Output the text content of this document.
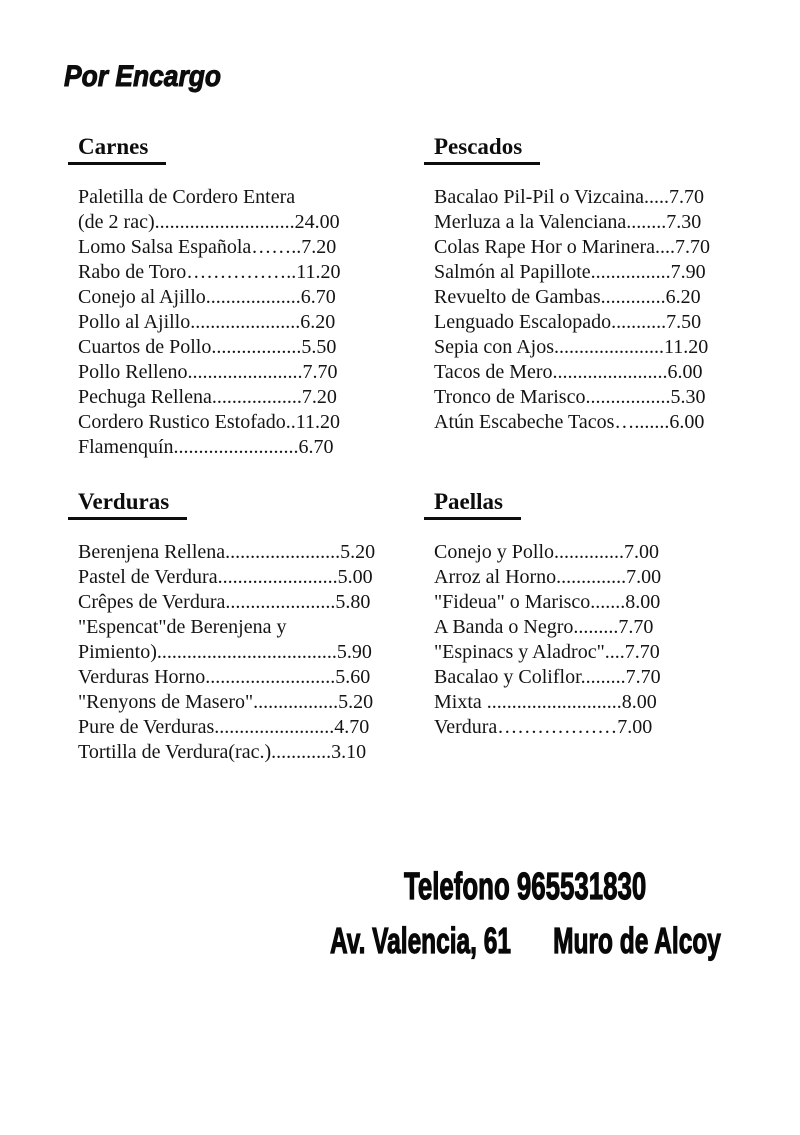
Por Encargo
Carnes
Paletilla de Cordero Entera
(de 2 rac)............................24.00
Lomo Salsa Española……..7.20
Rabo de Toro……………..11.20
Conejo al Ajillo...................6.70
Pollo al Ajillo......................6.20
Cuartos de Pollo..................5.50
Pollo Relleno.......................7.70
Pechuga Rellena..................7.20
Cordero Rustico Estofado..11.20
Flamenquín.........................6.70
Pescados
Bacalao Pil-Pil o Vizcaina.....7.70
Merluza a la Valenciana........7.30
Colas Rape Hor o Marinera....7.70
Salmón al Papillote................7.90
Revuelto de Gambas.............6.20
Lenguado Escalopado...........7.50
Sepia con Ajos......................11.20
Tacos de Mero.......................6.00
Tronco de Marisco.................5.30
Atún Escabeche Tacos….......6.00
Verduras
Berenjena Rellena.......................5.20
Pastel de Verdura........................5.00
Crêpes de Verdura......................5.80
"Espencat"de Berenjena y
Pimiento)....................................5.90
Verduras Horno..........................5.60
"Renyons de Masero".................5.20
Pure de Verduras........................4.70
Tortilla de Verdura(rac.)............3.10
Paellas
Conejo y Pollo..............7.00
Arroz al Horno..............7.00
"Fideua" o Marisco.......8.00
A Banda o Negro.........7.70
"Espinacs y Aladroc"....7.70
Bacalao y Coliflor.........7.70
Mixta ...........................8.00
Verdura………………7.00
Telefono 965531830
Av. Valencia, 61 Muro de Alcoy
